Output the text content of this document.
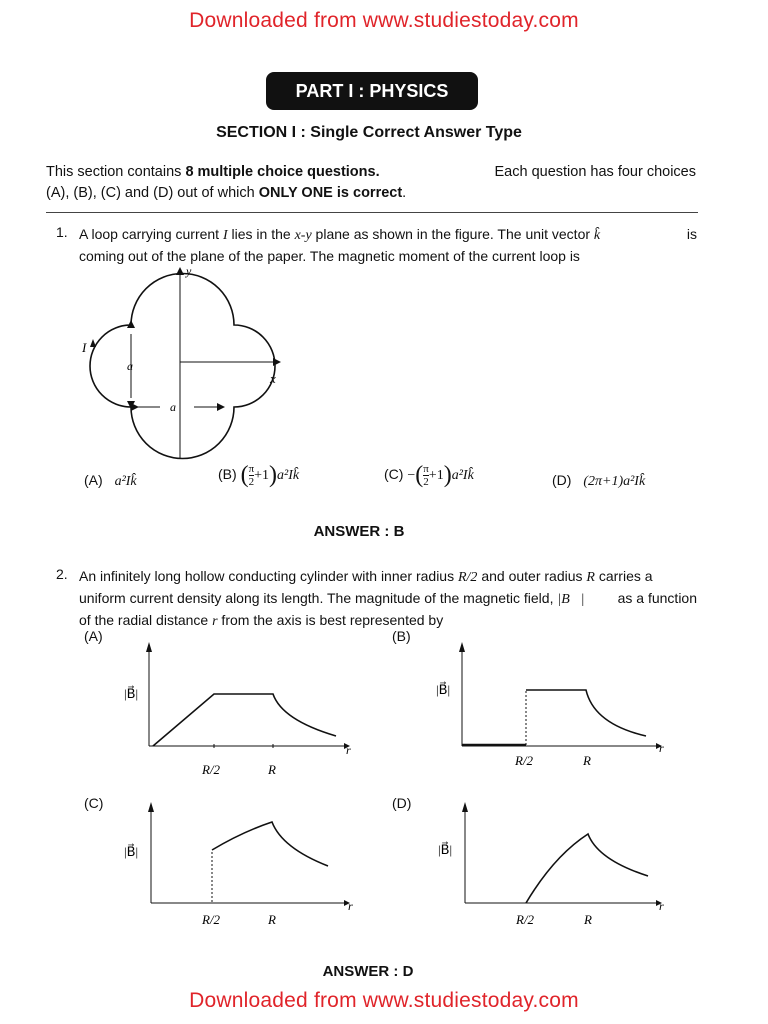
Downloaded from www.studiestoday.com
PART I : PHYSICS
SECTION I : Single Correct Answer Type
This section contains 8 multiple choice questions.	Each question has four choices
(A), (B), (C) and (D) out of which ONLY ONE is correct.
1. A loop carrying current I lies in the x-y plane as shown in the figure. The unit vector k̂	is
coming out of the plane of the paper. The magnetic moment of the current loop is
y
x
a
a
I
(A) a²Ik̂	(B) ( $\frac{\pi}{2}$ +1)a²Ik̂	(C) −( $\frac{\pi}{2}$ +1)a²Ik̂	(D) (2π+1)a²Ik̂
ANSWER : B
2. An infinitely long hollow conducting cylinder with inner radius R/2 and outer radius R carries a
uniform current density along its length. The magnitude of the magnetic field, |B⃗| as a function
of the radial distance r from the axis is best represented by
(A)	(B)
(C)	(D)
|B⃗|
r
R/2	R
|B⃗|
r
R/2	R
|B⃗|
r
R/2	R
|B⃗|
r
R/2	R
ANSWER : D
Downloaded from www.studiestoday.com
